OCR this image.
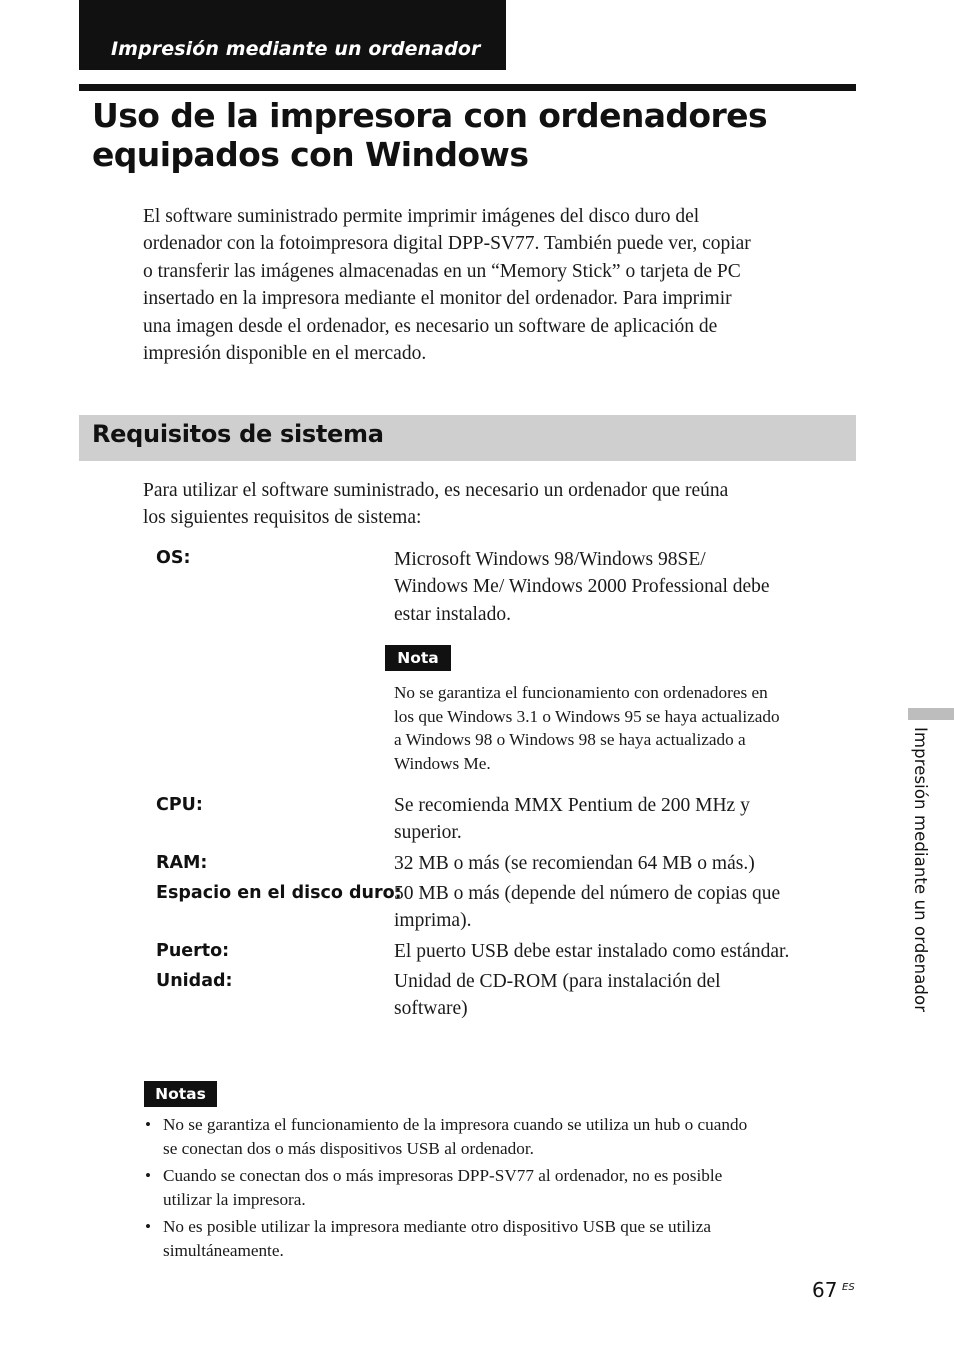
Impresión mediante un ordenador
Uso de la impresora con ordenadores
equipados con Windows

El software suministrado permite imprimir imágenes del disco duro del
ordenador con la fotoimpresora digital DPP-SV77. También puede ver, copiar
o transferir las imágenes almacenadas en un “Memory Stick” o tarjeta de PC
insertado en la impresora mediante el monitor del ordenador. Para imprimir
una imagen desde el ordenador, es necesario un software de aplicación de
impresión disponible en el mercado.

Requisitos de sistema

Para utilizar el software suministrado, es necesario un ordenador que reúna
los siguientes requisitos de sistema:

OS:	Microsoft Windows 98/Windows 98SE/
Windows Me/ Windows 2000 Professional debe
estar instalado.
Nota
No se garantiza el funcionamiento con ordenadores en
los que Windows 3.1 o Windows 95 se haya actualizado
a Windows 98 o Windows 98 se haya actualizado a
Windows Me.
CPU:	Se recomienda MMX Pentium de 200 MHz y
superior.
RAM:	32 MB o más (se recomiendan 64 MB o más.)
Espacio en el disco duro:
50 MB o más (depende del número de copias que
imprima).
Puerto:	El puerto USB debe estar instalado como estándar.
Unidad:	Unidad de CD-ROM (para instalación del
software)
Notas
• No se garantiza el funcionamiento de la impresora cuando se utiliza un hub o cuando
se conectan dos o más dispositivos USB al ordenador.
• Cuando se conectan dos o más impresoras DPP-SV77 al ordenador, no es posible
utilizar la impresora.
• No es posible utilizar la impresora mediante otro dispositivo USB que se utiliza
simultáneamente.
Impresión mediante un ordenador
67 ES
